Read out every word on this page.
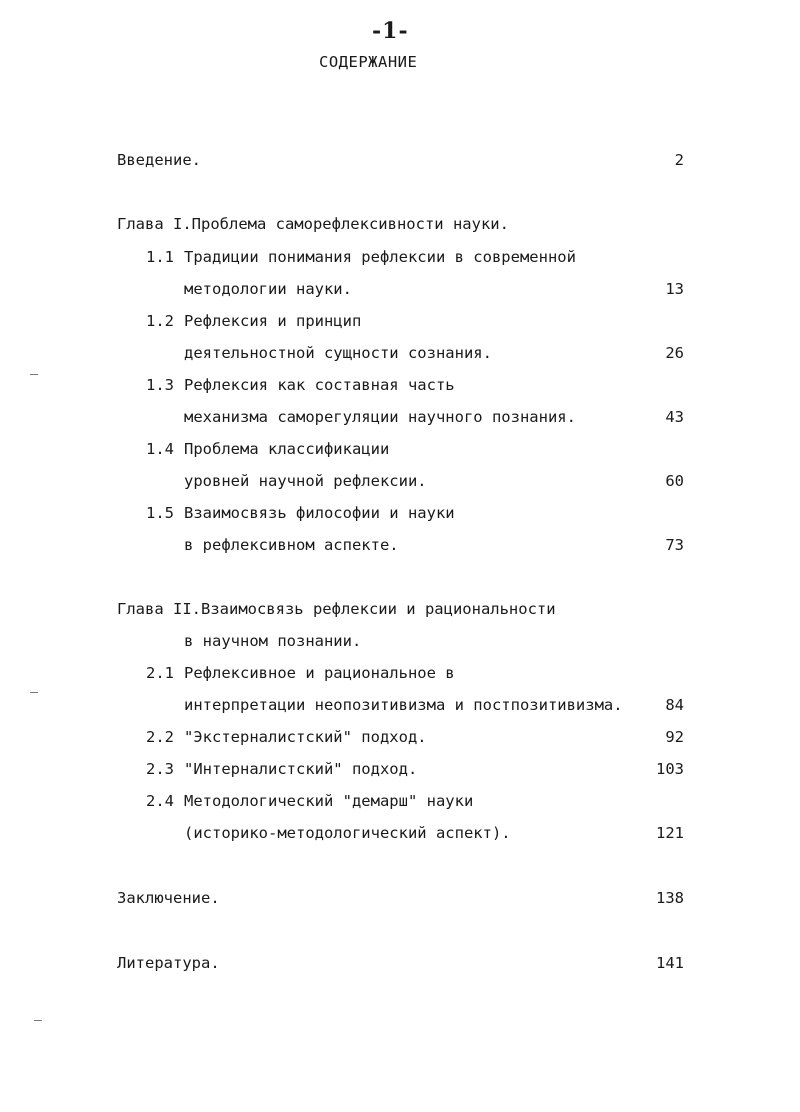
-1-
СОДЕРЖАНИЕ
Введение.	2
Глава I.Проблема саморефлексивности науки.
1.1 Традиции понимания рефлексии в современной
методологии науки.	13
1.2 Рефлексия и принцип
деятельностной сущности сознания.	26
1.3 Рефлексия как составная часть
механизма саморегуляции научного познания.	43
1.4 Проблема классификации
уровней научной рефлексии.	60
1.5 Взаимосвязь философии и науки
в рефлексивном аспекте.	73
Глава II.Взаимосвязь рефлексии и рациональности
в научном познании.
2.1 Рефлексивное и рациональное в
интерпретации неопозитивизма и постпозитивизма.	84
2.2 "Экстерналистский" подход.	92
2.3 "Интерналистский" подход.	103
2.4 Методологический "демарш" науки
(историко-методологический аспект).	121
Заключение.	138
Литература.	141
